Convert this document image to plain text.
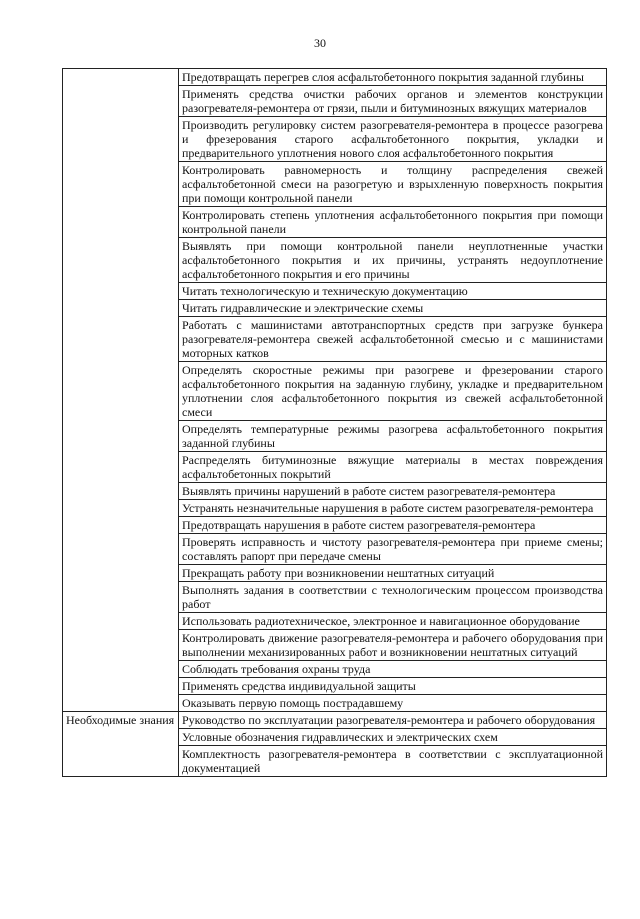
30
	Предотвращать перегрев слоя асфальтобетонного покрытия заданной глубины
	Применять средства очистки рабочих органов и элементов конструкции разогревателя-ремонтера от грязи, пыли и битуминозных вяжущих материалов
	Производить регулировку систем разогревателя-ремонтера в процессе разогрева и фрезерования старого асфальтобетонного покрытия, укладки и предварительного уплотнения нового слоя асфальтобетонного покрытия
	Контролировать равномерность и толщину распределения свежей асфальтобетонной смеси на разогретую и взрыхленную поверхность покрытия при помощи контрольной панели
	Контролировать степень уплотнения асфальтобетонного покрытия при помощи контрольной панели
	Выявлять при помощи контрольной панели неуплотненные участки асфальтобетонного покрытия и их причины, устранять недоуплотнение асфальтобетонного покрытия и его причины
	Читать технологическую и техническую документацию
	Читать гидравлические и электрические схемы
	Работать с машинистами автотранспортных средств при загрузке бункера разогревателя-ремонтера свежей асфальтобетонной смесью и с машинистами моторных катков
	Определять скоростные режимы при разогреве и фрезеровании старого асфальтобетонного покрытия на заданную глубину, укладке и предварительном уплотнении слоя асфальтобетонного покрытия из свежей асфальтобетонной смеси
	Определять температурные режимы разогрева асфальтобетонного покрытия заданной глубины
	Распределять битуминозные вяжущие материалы в местах повреждения асфальтобетонных покрытий
	Выявлять причины нарушений в работе систем разогревателя-ремонтера
	Устранять незначительные нарушения в работе систем разогревателя-ремонтера
	Предотвращать нарушения в работе систем разогревателя-ремонтера
	Проверять исправность и чистоту разогревателя-ремонтера при приеме смены; составлять рапорт при передаче смены
	Прекращать работу при возникновении нештатных ситуаций
	Выполнять задания в соответствии с технологическим процессом производства работ
	Использовать радиотехническое, электронное и навигационное оборудование
	Контролировать движение разогревателя-ремонтера и рабочего оборудования при выполнении механизированных работ и возникновении нештатных ситуаций
	Соблюдать требования охраны труда
	Применять средства индивидуальной защиты
	Оказывать первую помощь пострадавшему
Необходимые знания	Руководство по эксплуатации разогревателя-ремонтера и рабочего оборудования
	Условные обозначения гидравлических и электрических схем
	Комплектность разогревателя-ремонтера в соответствии с эксплуатационной документацией
